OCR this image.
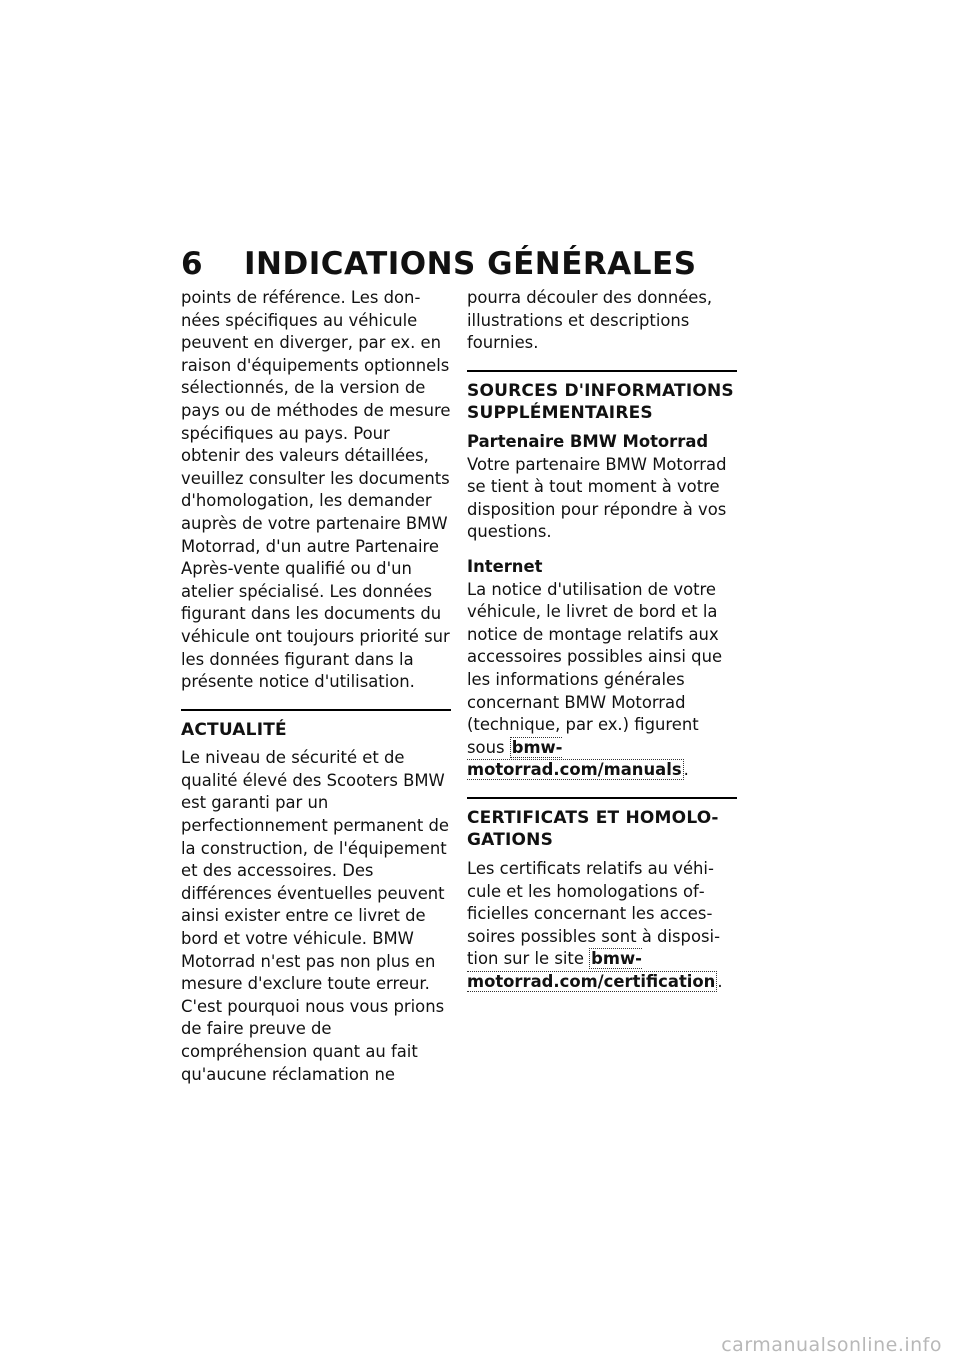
6 INDICATIONS GÉNÉRALES

points de référence. Les données spécifiques au véhicule peuvent en diverger, par ex. en raison d'équipements optionnels sélectionnés, de la version de pays ou de méthodes de mesure spécifiques au pays. Pour obtenir des valeurs détaillées, veuillez consulter les documents d'homologation, les demander auprès de votre partenaire BMW Motorrad, d'un autre Partenaire Après-vente qualifié ou d'un atelier spécialisé. Les données figurant dans les documents du véhicule ont toujours priorité sur les données figurant dans la présente notice d'utilisation.

ACTUALITÉ

Le niveau de sécurité et de qualité élevé des Scooters BMW est garanti par un perfectionnement permanent de la construction, de l'équipement et des accessoires. Des différences éventuelles peuvent ainsi exister entre ce livret de bord et votre véhicule. BMW Motorrad n'est pas non plus en mesure d'exclure toute erreur. C'est pourquoi nous vous prions de faire preuve de compréhension quant au fait qu'aucune réclamation ne

pourra découler des données, illustrations et descriptions fournies.

SOURCES D'INFORMATIONS SUPPLÉMENTAIRES
Partenaire BMW Motorrad

Votre partenaire BMW Motorrad se tient à tout moment à votre disposition pour répondre à vos questions.

Internet

La notice d'utilisation de votre véhicule, le livret de bord et la notice de montage relatifs aux accessoires possibles ainsi que les informations générales concernant BMW Motorrad (technique, par ex.) figurent sous bmw-motorrad.com/manuals .

CERTIFICATS ET HOMOLOGATIONS

Les certificats relatifs au véhicule et les homologations officielles concernant les accessoires possibles sont à disposition sur le site bmw-motorrad.com/certification .

carmanualsonline.info
